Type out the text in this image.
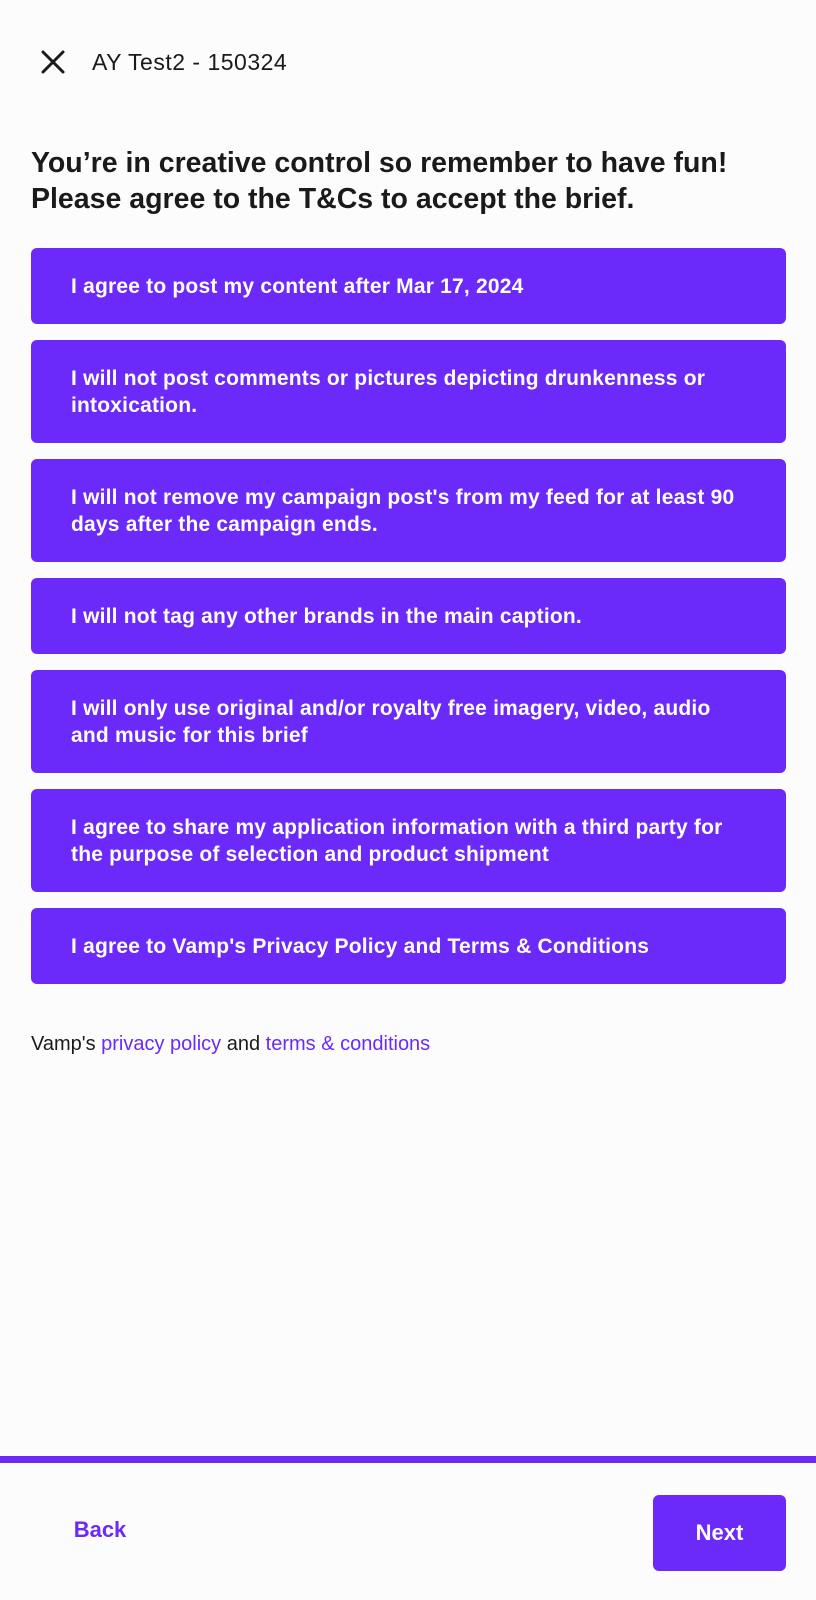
AY Test2 - 150324
You’re in creative control so remember to have fun! Please agree to the T&Cs to accept the brief.
I agree to post my content after Mar 17, 2024
I will not post comments or pictures depicting drunkenness or intoxication.
I will not remove my campaign post's from my feed for at least 90 days after the campaign ends.
I will not tag any other brands in the main caption.
I will only use original and/or royalty free imagery, video, audio and music for this brief
I agree to share my application information with a third party for the purpose of selection and product shipment
I agree to Vamp's Privacy Policy and Terms & Conditions
Vamp's privacy policy and terms & conditions
Back	Next
